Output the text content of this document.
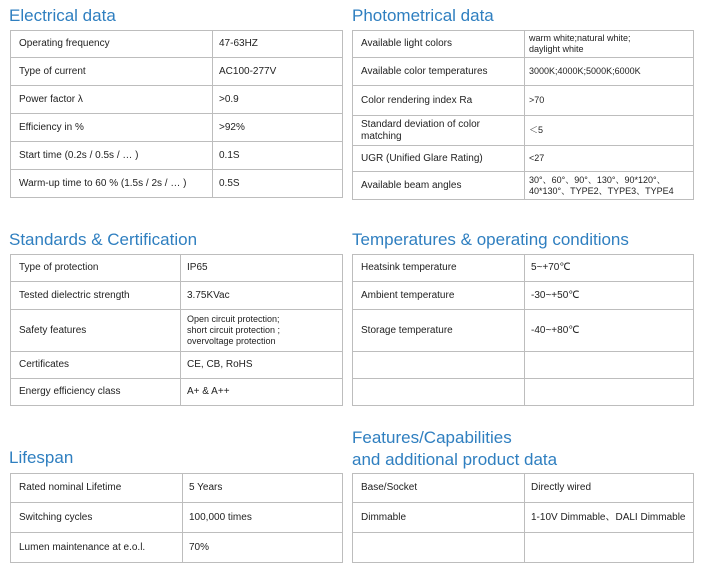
Electrical data	Photometrical data
Standards & Certification	Temperatures & operating conditions
Lifespan
Features/Capabilities
and additional product data
Operating frequency	47-63HZ
Type of current	AC100-277V
Power factor λ	>0.9
Efficiency in %	>92%
Start time (0.2s / 0.5s / … )	0.1S
Warm-up time to 60 % (1.5s / 2s / … )	0.5S
Available light colors	warm white;natural white;
daylight white

Available color temperatures	3000K;4000K;5000K;6000K

Color rendering index Ra	>70

Standard deviation of color
matching	＜5

UGR (Unified Glare Rating)	<27

Available beam angles	30°、60°、90°、130°、90*120°、
40*130°、TYPE2、TYPE3、TYPE4
Type of protection	IP65

Tested dielectric strength	3.75KVac

Safety features	Open circuit protection;
short circuit protection ;
overvoltage protection

Certificates	CE, CB, RoHS

Energy efficiency class	A+ & A++
Heatsink temperature	5~+70℃
Ambient temperature	-30~+50℃
Storage temperature	-40~+80℃

Rated nominal Lifetime	5 Years
Switching cycles	100,000 times
Lumen maintenance at e.o.l.	70%
Base/Socket	Directly wired
Dimmable	1-10V Dimmable、DALI Dimmable
